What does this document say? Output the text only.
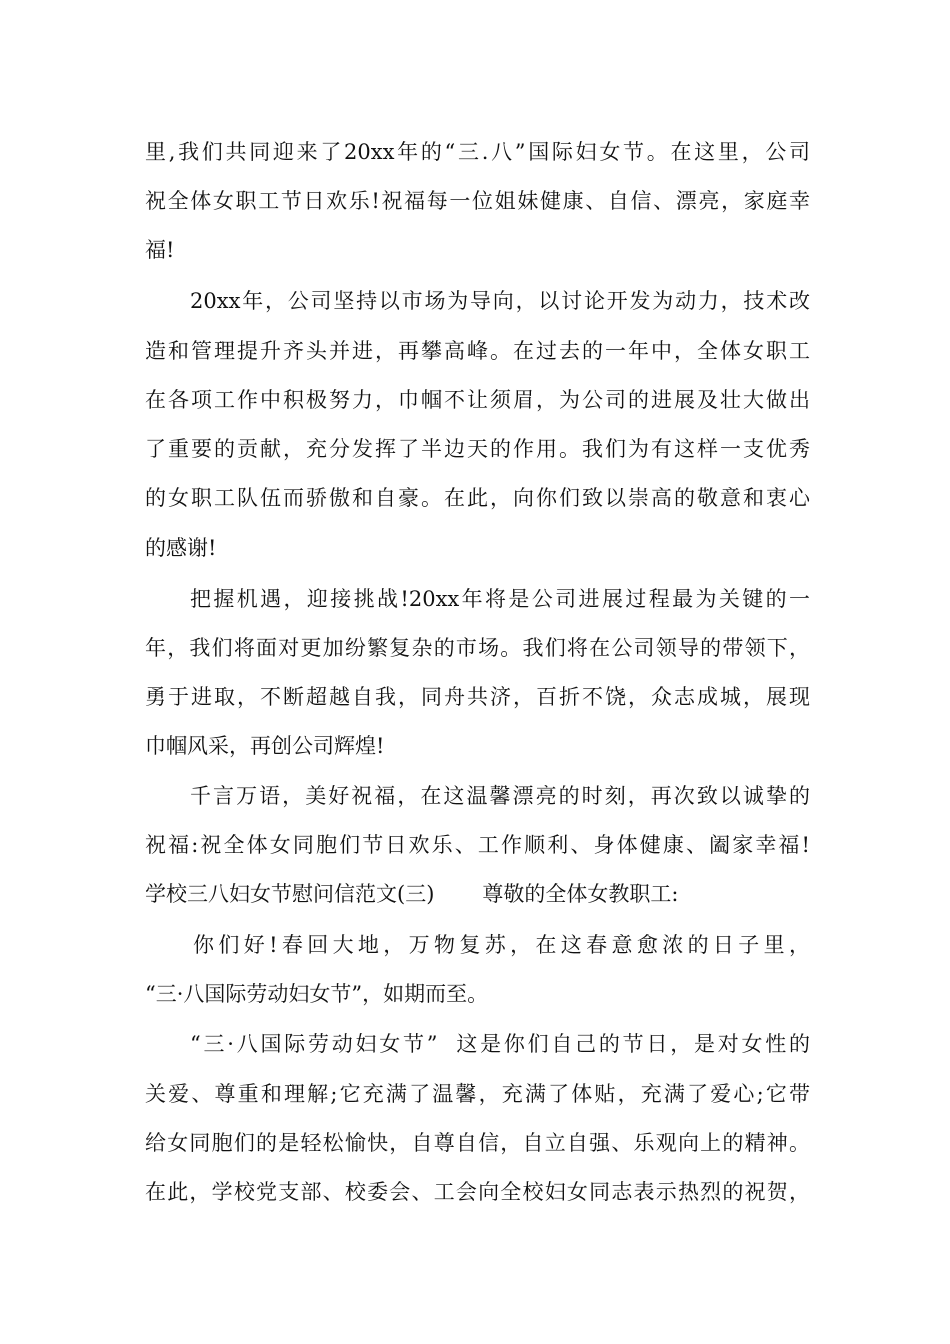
里,我们共同迎来了20xx年的“三.八”国际妇女节。在这里，公司
祝全体女职工节日欢乐!祝福每一位姐妹健康、自信、漂亮，家庭幸
福!
20xx年，公司坚持以市场为导向，以讨论开发为动力，技术改
造和管理提升齐头并进，再攀高峰。在过去的一年中，全体女职工
在各项工作中积极努力，巾帼不让须眉，为公司的进展及壮大做出
了重要的贡献，充分发挥了半边天的作用。我们为有这样一支优秀
的女职工队伍而骄傲和自豪。在此，向你们致以崇高的敬意和衷心
的感谢!
把握机遇，迎接挑战!20xx年将是公司进展过程最为关键的一
年，我们将面对更加纷繁复杂的市场。我们将在公司领导的带领下，
勇于进取，不断超越自我，同舟共济，百折不饶，众志成城，展现
巾帼风采，再创公司辉煌!
千言万语，美好祝福，在这温馨漂亮的时刻，再次致以诚挚的
祝福:祝全体女同胞们节日欢乐、工作顺利、身体健康、阖家幸福!
学校三八妇女节慰问信范文(三) 尊敬的全体女教职工:
你们好!春回大地，万物复苏，在这春意愈浓的日子里，
“三·八国际劳动妇女节”，如期而至。
“三·八国际劳动妇女节”  这是你们自己的节日，是对女性的
关爱、尊重和理解;它充满了温馨，充满了体贴，充满了爱心;它带
给女同胞们的是轻松愉快，自尊自信，自立自强、乐观向上的精神。
在此，学校党支部、校委会、工会向全校妇女同志表示热烈的祝贺，
